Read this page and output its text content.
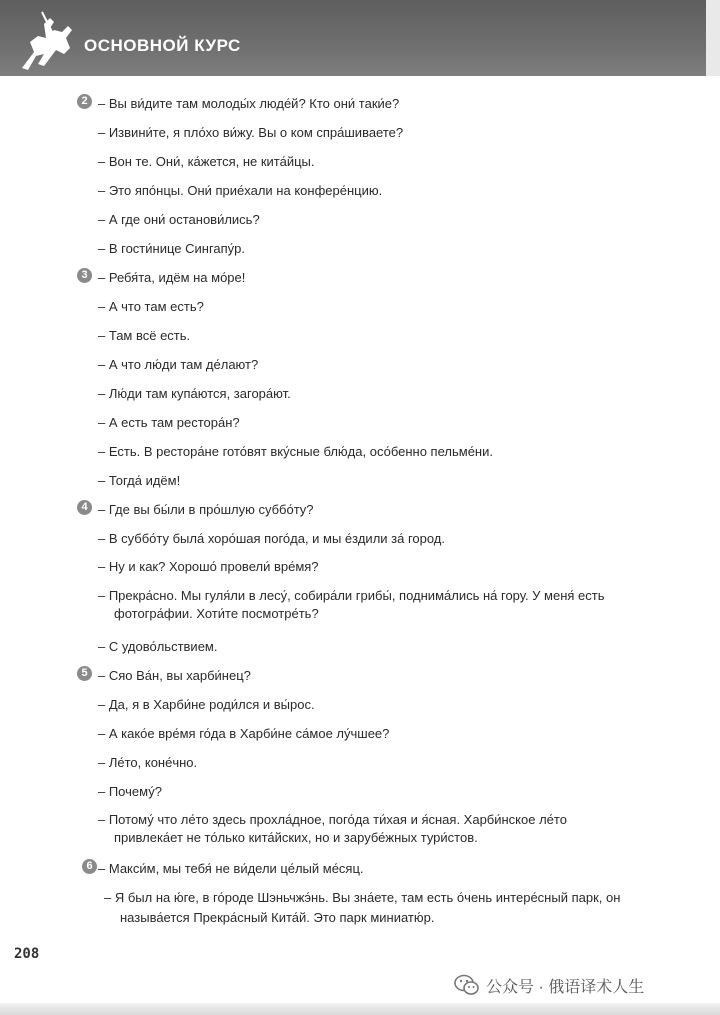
ОСНОВНОЙ КУРС
2 – Вы ви́дите там молоды́х люде́й? Кто они́ таки́е?
– Извини́те, я пло́хо ви́жу. Вы о ком спра́шиваете?
– Вон те. Они́, ка́жется, не кита́йцы.
– Это япо́нцы. Они́ прие́хали на конфере́нцию.
– А где они́ останови́лись?
– В гости́нице Сингапу́р.
3 – Ребя́та, идём на мо́ре!
– А что там есть?
– Там всё есть.
– А что лю́ди там де́лают?
– Лю́ди там купа́ются, загора́ют.
– А есть там рестора́н?
– Есть. В рестора́не гото́вят вку́сные блю́да, осо́бенно пельме́ни.
– Тогда́ идём!
4 – Где вы бы́ли в про́шлую суббо́ту?
– В суббо́ту была́ хоро́шая пого́да, и мы е́здили за́ город.
– Ну и как? Хорошо́ провели́ вре́мя?
– Прекра́сно. Мы гуля́ли в лесу́, собира́ли грибы́, поднима́лись на́ гору. У меня́ есть
фотогра́фии. Хоти́те посмотре́ть?
– С удово́льствием.
5 – Сяо Ва́н, вы харби́нец?
– Да, я в Харби́не роди́лся и вы́рос.
– А како́е вре́мя го́да в Харби́не са́мое лу́чшее?
– Ле́то, коне́чно.
– Почему́?
– Потому́ что ле́то здесь прохла́дное, пого́да ти́хая и я́сная. Харби́нское ле́то
привлека́ет не то́лько кита́йских, но и зарубе́жных тури́стов.
6 – Макси́м, мы тебя́ не ви́дели це́лый ме́сяц.
– Я был на ю́ге, в го́роде Шэньчжэ́нь. Вы зна́ете, там есть о́чень интере́сный парк, он
называ́ется Прекра́сный Кита́й. Это парк миниатю́р.
208
公众号 · 俄语译术人生
